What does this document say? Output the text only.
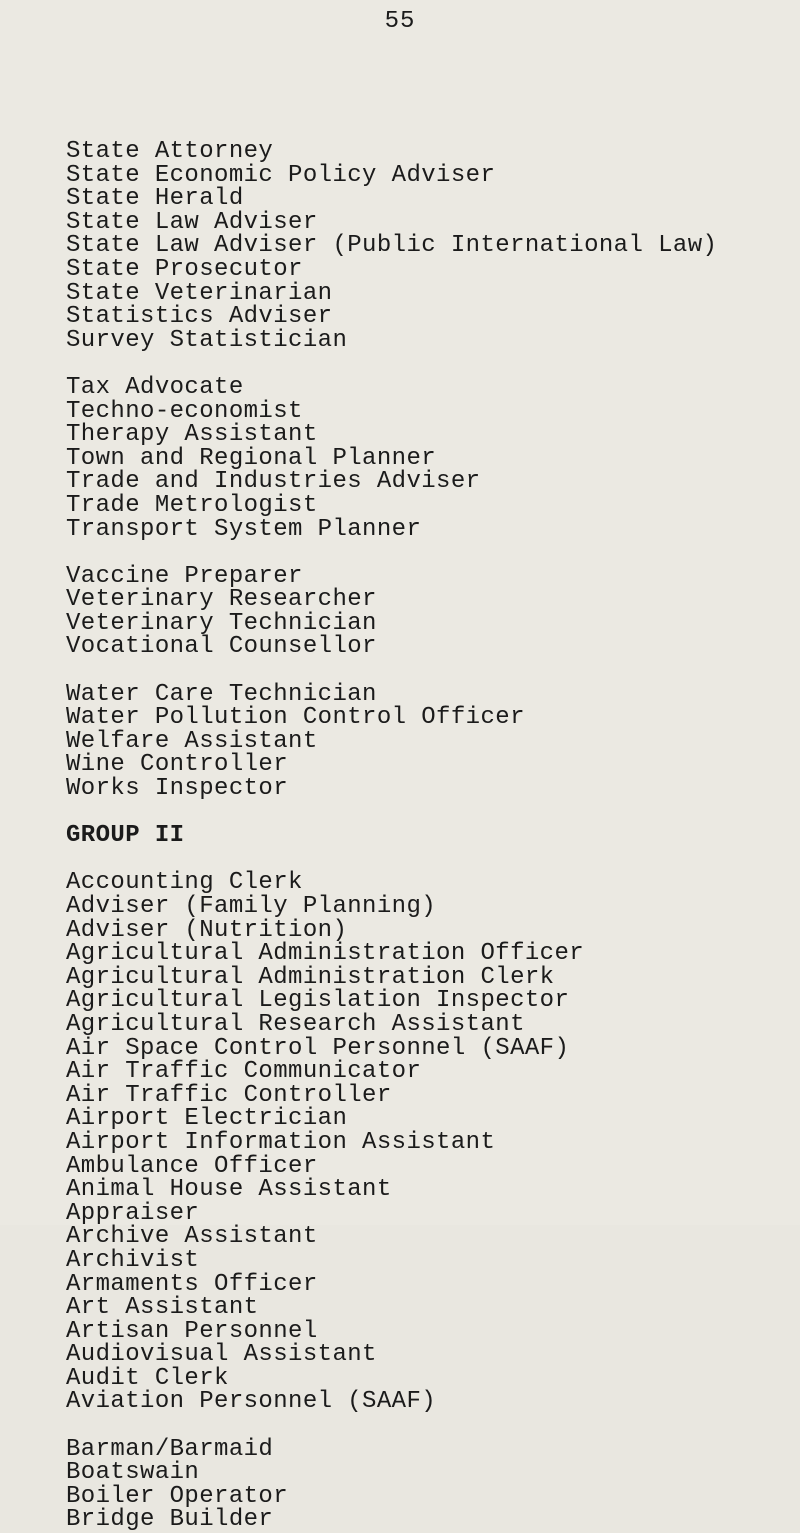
55
State Attorney
State Economic Policy Adviser
State Herald
State Law Adviser
State Law Adviser (Public International Law)
State Prosecutor
State Veterinarian
Statistics Adviser
Survey Statistician
Tax Advocate
Techno-economist
Therapy Assistant
Town and Regional Planner
Trade and Industries Adviser
Trade Metrologist
Transport System Planner
Vaccine Preparer
Veterinary Researcher
Veterinary Technician
Vocational Counsellor
Water Care Technician
Water Pollution Control Officer
Welfare Assistant
Wine Controller
Works Inspector
GROUP II
Accounting Clerk
Adviser (Family Planning)
Adviser (Nutrition)
Agricultural Administration Officer
Agricultural Administration Clerk
Agricultural Legislation Inspector
Agricultural Research Assistant
Air Space Control Personnel (SAAF)
Air Traffic Communicator
Air Traffic Controller
Airport Electrician
Airport Information Assistant
Ambulance Officer
Animal House Assistant
Appraiser
Archive Assistant
Archivist
Armaments Officer
Art Assistant
Artisan Personnel
Audiovisual Assistant
Audit Clerk
Aviation Personnel (SAAF)
Barman/Barmaid
Boatswain
Boiler Operator
Bridge Builder
